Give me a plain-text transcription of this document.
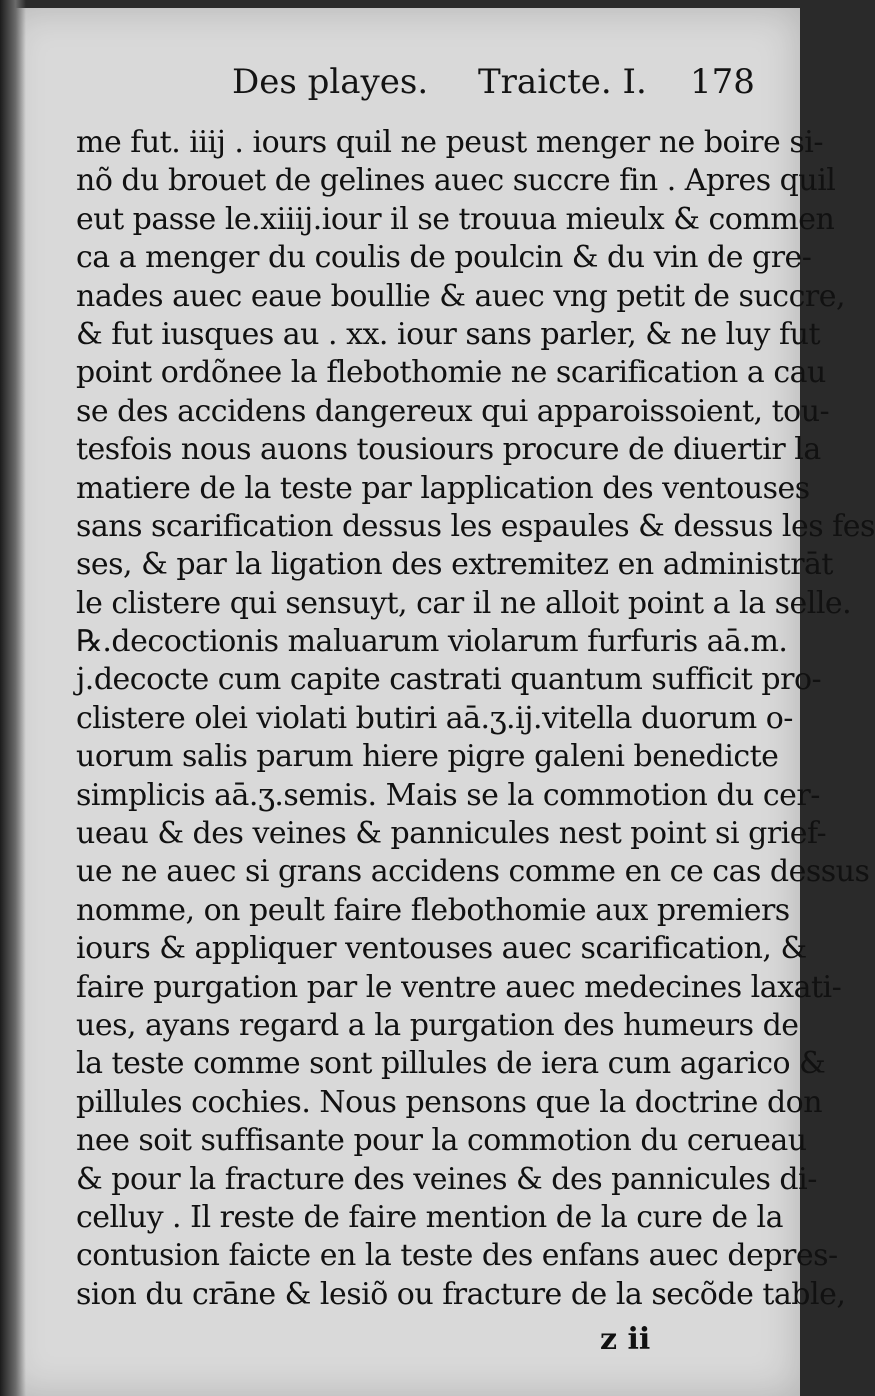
Des playes. Traicte. I. 178
me fut. iiij . iours quil ne peust menger ne boire si-
nõ du brouet de gelines auec succre fin . Apres quil
eut passe le.xiiij.iour il se trouua mieulx & commen
ca a menger du coulis de poulcin & du vin de gre-
nades auec eaue boullie & auec vng petit de succre,
& fut iusques au . xx. iour sans parler, & ne luy fut
point ordõnee la flebothomie ne scarification a cau
se des accidens dangereux qui apparoissoient, tou-
tesfois nous auons tousiours procure de diuertir la
matiere de la teste par lapplication des ventouses
sans scarification dessus les espaules & dessus les fes
ses, & par la ligation des extremitez en administrāt
le clistere qui sensuyt, car il ne alloit point a la selle.
℞.decoctionis maluarum violarum furfuris aā.m.
j.decocte cum capite castrati quantum sufficit pro-
clistere olei violati butiri aā.ʒ.ij.vitella duorum o-
uorum salis parum hiere pigre galeni benedicte
simplicis aā.ʒ.semis. Mais se la commotion du cer-
ueau & des veines & pannicules nest point si grief-
ue ne auec si grans accidens comme en ce cas dessus
nomme, on peult faire flebothomie aux premiers
iours & appliquer ventouses auec scarification, &
faire purgation par le ventre auec medecines laxati-
ues, ayans regard a la purgation des humeurs de
la teste comme sont pillules de iera cum agarico &
pillules cochies. Nous pensons que la doctrine don
nee soit suffisante pour la commotion du cerueau
& pour la fracture des veines & des pannicules di-
celluy . Il reste de faire mention de la cure de la
contusion faicte en la teste des enfans auec depres-
sion du crāne & lesiõ ou fracture de la secõde table,
z ii
